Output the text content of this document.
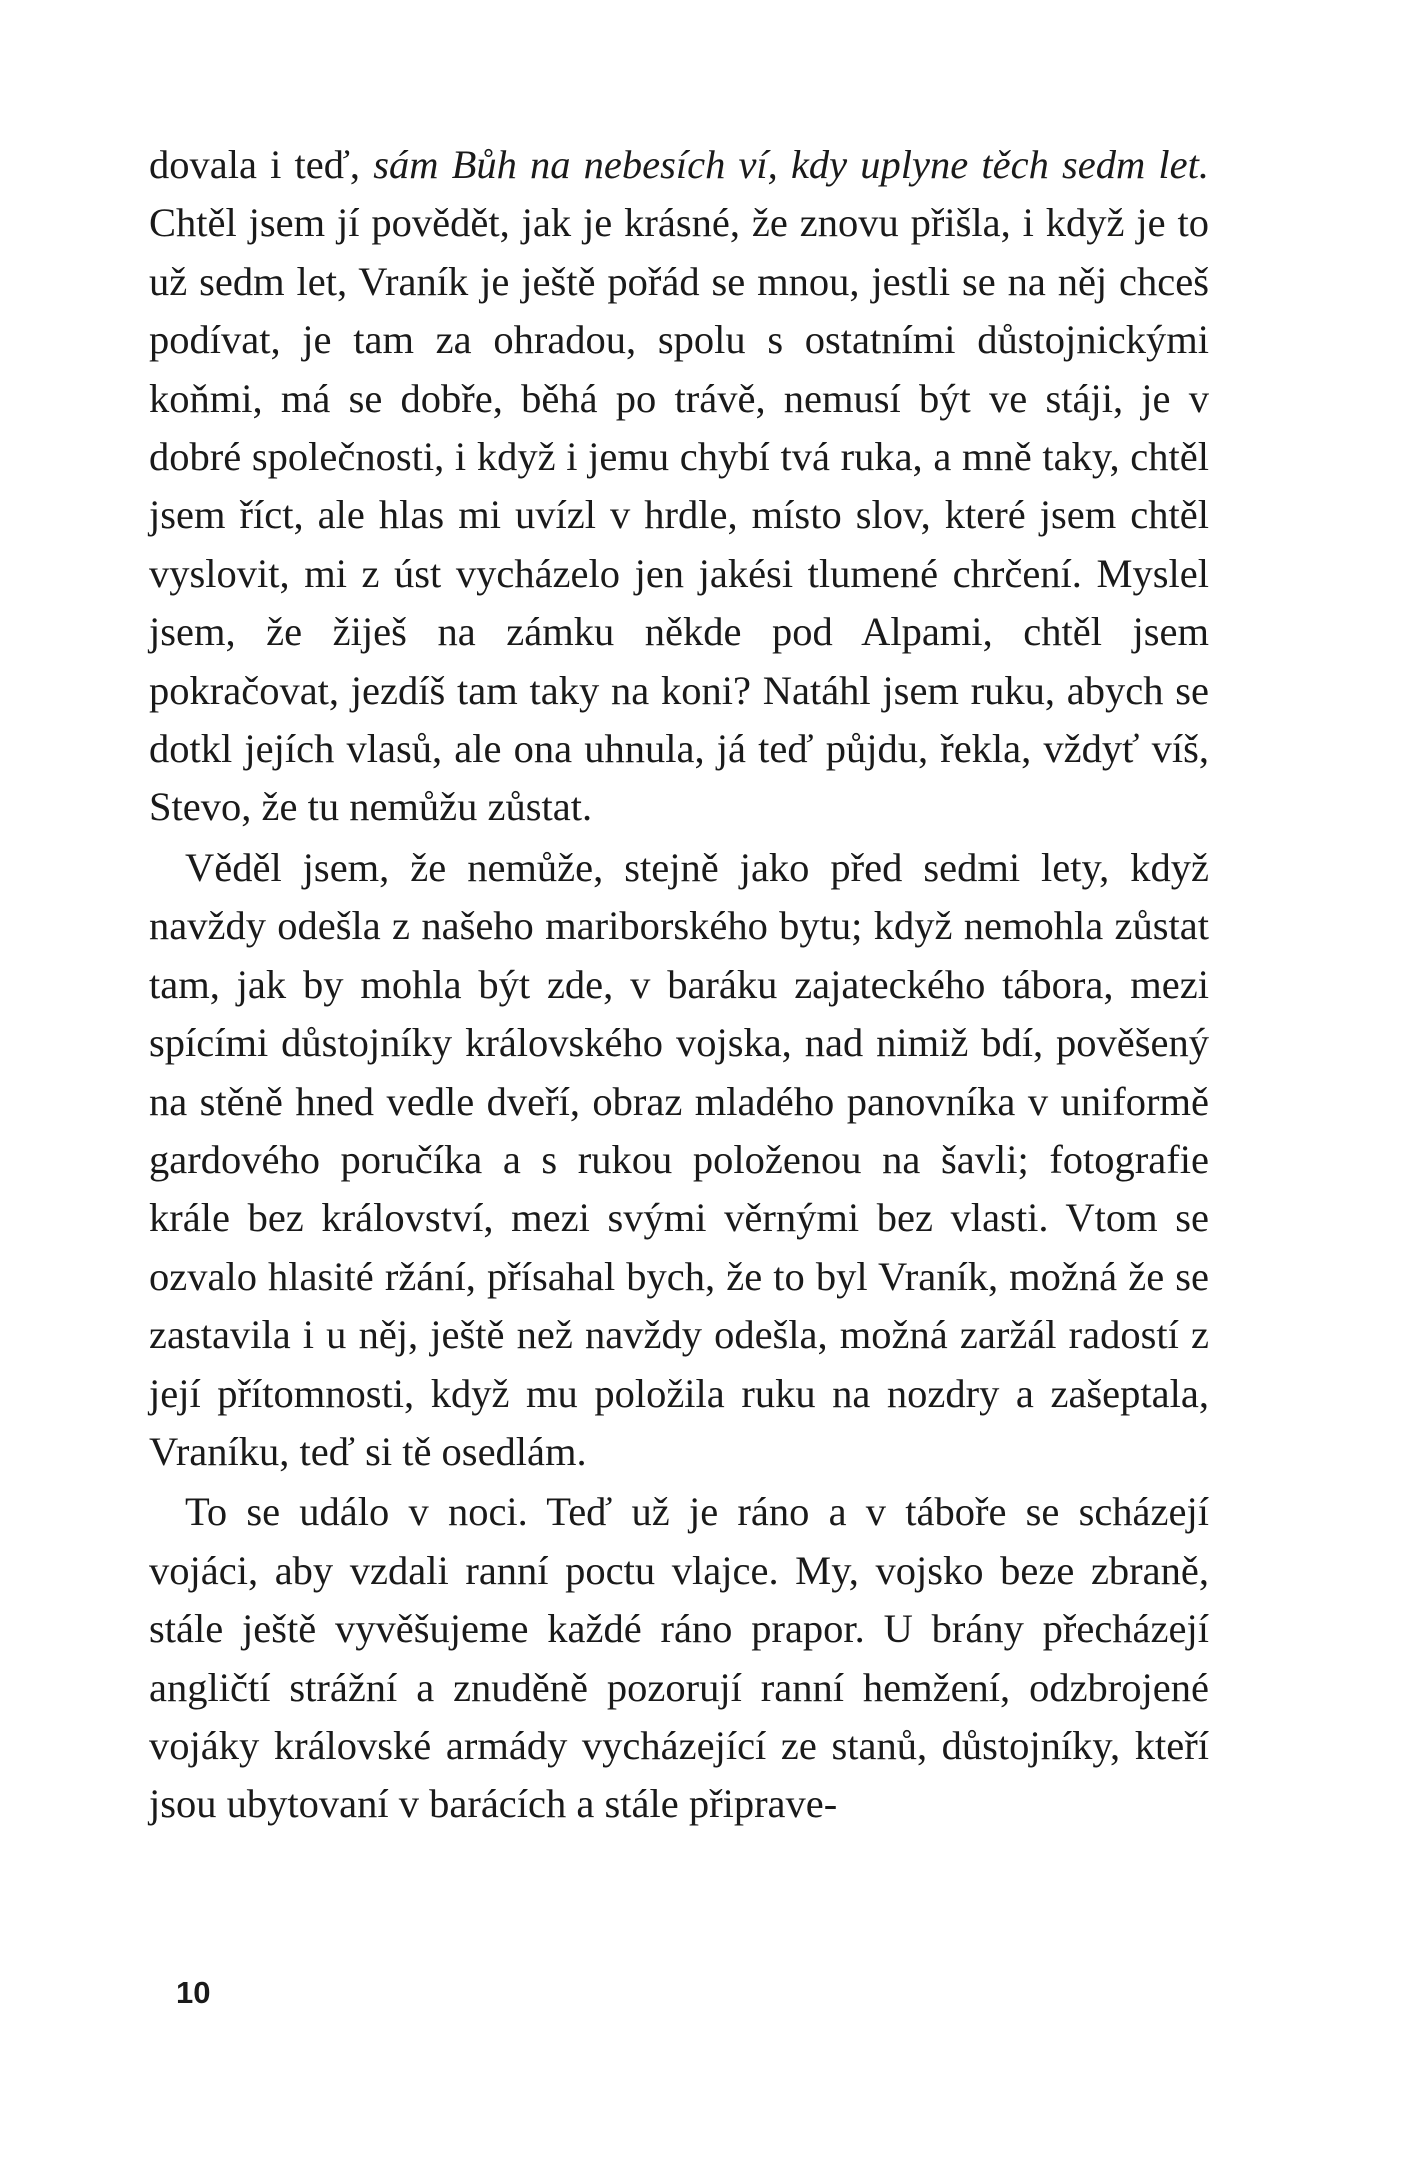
dovala i teď, sám Bůh na nebesích ví, kdy uplyne těch sedm let. Chtěl jsem jí povědět, jak je krásné, že znovu přišla, i když je to už sedm let, Vraník je ještě pořád se mnou, jestli se na něj chceš podívat, je tam za ohradou, spolu s ostatními důstojnickými koňmi, má se dobře, běhá po trávě, nemusí být ve stáji, je v dobré společnosti, i když i jemu chybí tvá ruka, a mně taky, chtěl jsem říct, ale hlas mi uvízl v hrdle, místo slov, které jsem chtěl vyslovit, mi z úst vycházelo jen jakési tlumené chrčení. Myslel jsem, že žiješ na zámku někde pod Alpami, chtěl jsem pokračovat, jezdíš tam taky na koni? Natáhl jsem ruku, abych se dotkl jejích vlasů, ale ona uhnula, já teď půjdu, řekla, vždyť víš, Stevo, že tu nemůžu zůstat.

Věděl jsem, že nemůže, stejně jako před sedmi lety, když navždy odešla z našeho mariborského bytu; když nemohla zůstat tam, jak by mohla být zde, v baráku zajateckého tábora, mezi spícími důstojníky královského vojska, nad nimiž bdí, pověšený na stěně hned vedle dveří, obraz mladého panovníka v uniformě gardového poručíka a s rukou položenou na šavli; fotografie krále bez království, mezi svými věrnými bez vlasti. Vtom se ozvalo hlasité ržání, přísahal bych, že to byl Vraník, možná že se zastavila i u něj, ještě než navždy odešla, možná zaržál radostí z její přítomnosti, když mu položila ruku na nozdry a zašeptala, Vraníku, teď si tě osedlám.

To se událo v noci. Teď už je ráno a v táboře se scházejí vojáci, aby vzdali ranní poctu vlajce. My, vojsko beze zbraně, stále ještě vyvěšujeme každé ráno prapor. U brány přecházejí angličtí strážní a znuděně pozorují ranní hemžení, odzbrojené vojáky královské armády vycházející ze stanů, důstojníky, kteří jsou ubytovaní v barácích a stále připrave-

10
